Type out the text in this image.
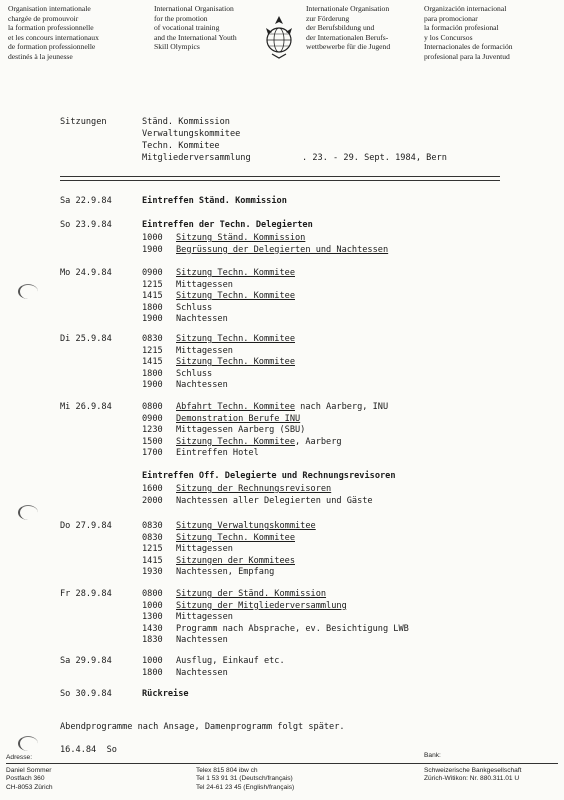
Organisation internationale
chargée de promouvoir
la formation professionnelle
et les concours internationaux
de formation professionnelle
destinés à la jeunesse
International Organisation
for the promotion
of vocational training
and the International Youth
Skill Olympics
Internationale Organisation
zur Förderung
der Berufsbildung und
der Internationalen Berufs-
wettbewerbe für die Jugend
Organización internacional
para promocionar
la formación profesional
y los Concursos
Internacionales de formación
profesional para la Juventud
Sitzungen	Ständ. Kommission
Verwaltungskommitee
Techn. Kommitee
Mitgliederversammlung	. 23. - 29. Sept. 1984, Bern
Sa 22.9.84	Eintreffen Ständ. Kommission
So 23.9.84	Eintreffen der Techn. Delegierten
1000 Sitzung Ständ. Kommission
1900 Begrüssung der Delegierten und Nachtessen
Mo 24.9.84	0900 Sitzung Techn. Kommitee
1215 Mittagessen
1415 Sitzung Techn. Kommitee
1800 Schluss
1900 Nachtessen
Di 25.9.84	0830 Sitzung Techn. Kommitee
1215 Mittagessen
1415 Sitzung Techn. Kommitee
1800 Schluss
1900 Nachtessen
Mi 26.9.84	0800 Abfahrt Techn. Kommitee nach Aarberg, INU
0900 Demonstration Berufe INU
1230 Mittagessen Aarberg (SBU)
1500 Sitzung Techn. Kommitee, Aarberg
1700 Eintreffen Hotel
Eintreffen Off. Delegierte und Rechnungsrevisoren
1600 Sitzung der Rechnungsrevisoren
2000 Nachtessen aller Delegierten und Gäste
Do 27.9.84	0830 Sitzung Verwaltungskommitee
0830 Sitzung Techn. Kommitee
1215 Mittagessen
1415 Sitzungen der Kommitees
1930 Nachtessen, Empfang
Fr 28.9.84	0800 Sitzung der Ständ. Kommission
1000 Sitzung der Mitgliederversammlung
1300 Mittagessen
1430 Programm nach Absprache, ev. Besichtigung LWB
1830 Nachtessen
Sa 29.9.84	1000 Ausflug, Einkauf etc.
1800 Nachtessen
So 30.9.84	Rückreise
Abendprogramme nach Ansage, Damenprogramm folgt später.
Adresse:
16.4.84  So
Bank:
Daniel Sommer
Postfach 360
CH-8053 Zürich
Telex 815 804 ibw ch
Tel 1 53 91 31 (Deutsch/français)
Tel 24-61 23 45 (English/français)
Schweizerische Bankgesellschaft
Zürich-Witikon: Nr. 880.311.01 U
